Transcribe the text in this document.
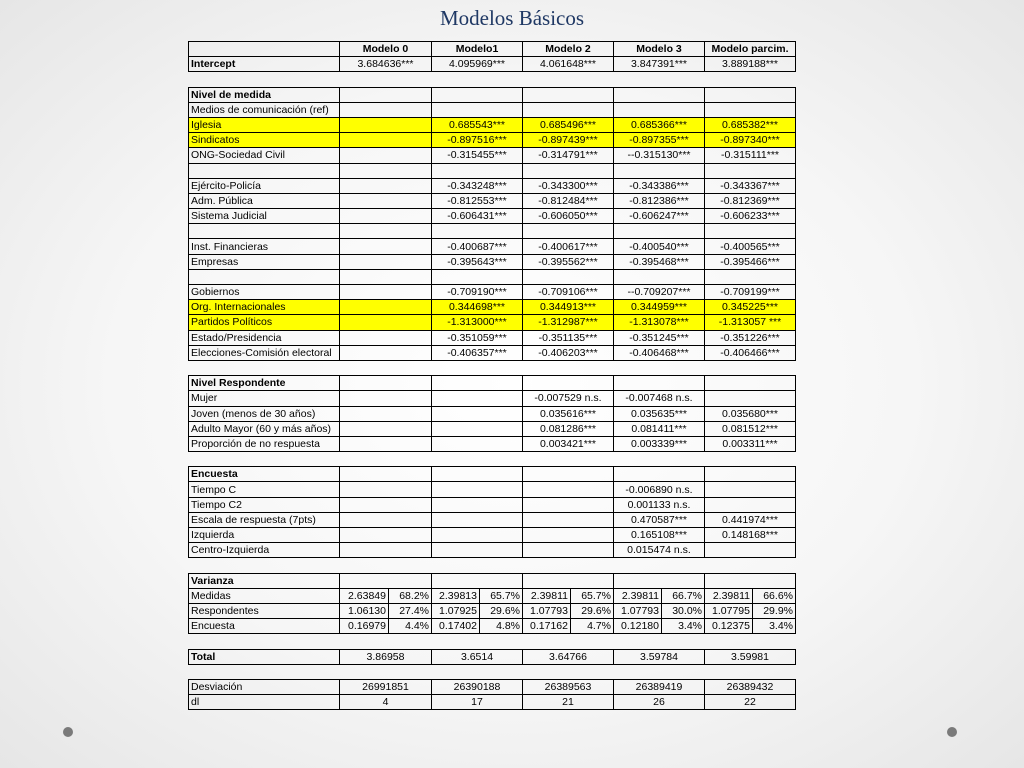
Modelos Básicos
	Modelo 0		Modelo1		Modelo 2		Modelo 3		Modelo parcim.	
Intercept	3.684636***		4.095969***		4.061648***		3.847391***		3.889188***	

Nivel de medida										
Medios de comunicación (ref)										
Iglesia			0.685543***		0.685496***		0.685366***		0.685382***	
Sindicatos			-0.897516***		-0.897439***		-0.897355***		-0.897340***	
ONG-Sociedad Civil			-0.315455***		-0.314791***		--0.315130***		-0.315111***	

Ejército-Policía			-0.343248***		-0.343300***		-0.343386***		-0.343367***	
Adm. Pública			-0.812553***		-0.812484***		-0.812386***		-0.812369***	
Sistema Judicial			-0.606431***		-0.606050***		-0.606247***		-0.606233***	

Inst. Financieras			-0.400687***		-0.400617***		-0.400540***		-0.400565***	
Empresas			-0.395643***		-0.395562***		-0.395468***		-0.395466***	

Gobiernos			-0.709190***		-0.709106***		--0.709207***		-0.709199***	
Org. Internacionales			0.344698***		0.344913***		0.344959***		0.345225***	
Partidos Políticos			-1.313000***		-1.312987***		-1.313078***		-1.313057 ***	
Estado/Presidencia			-0.351059***		-0.351135***		-0.351245***		-0.351226***	
Elecciones-Comisión electoral			-0.406357***		-0.406203***		-0.406468***		-0.406466***	

Nivel Respondente										
Mujer					-0.007529 n.s.		-0.007468 n.s.			
Joven (menos de 30 años)					0.035616***		0.035635***		0.035680***	
Adulto Mayor (60 y más años)					0.081286***		0.081411***		0.081512***	
Proporción de no respuesta					0.003421***		0.003339***		0.003311***	

Encuesta										
Tiempo C							-0.006890 n.s.			
Tiempo C2							0.001133 n.s.			
Escala de respuesta (7pts)							0.470587***		0.441974***	
Izquierda							0.165108***		0.148168***	
Centro-Izquierda							0.015474 n.s.			

Varianza										
Medidas	2.63849	68.2%	2.39813	65.7%	2.39811	65.7%	2.39811	66.7%	2.39811	66.6%
Respondentes	1.06130	27.4%	1.07925	29.6%	1.07793	29.6%	1.07793	30.0%	1.07795	29.9%
Encuesta	0.16979	4.4%	0.17402	4.8%	0.17162	4.7%	0.12180	3.4%	0.12375	3.4%

Total	3.86958		3.6514		3.64766		3.59784		3.59981	

Desviación	26991851		26390188		26389563		26389419		26389432	
dl	4		17		21		26		22	
